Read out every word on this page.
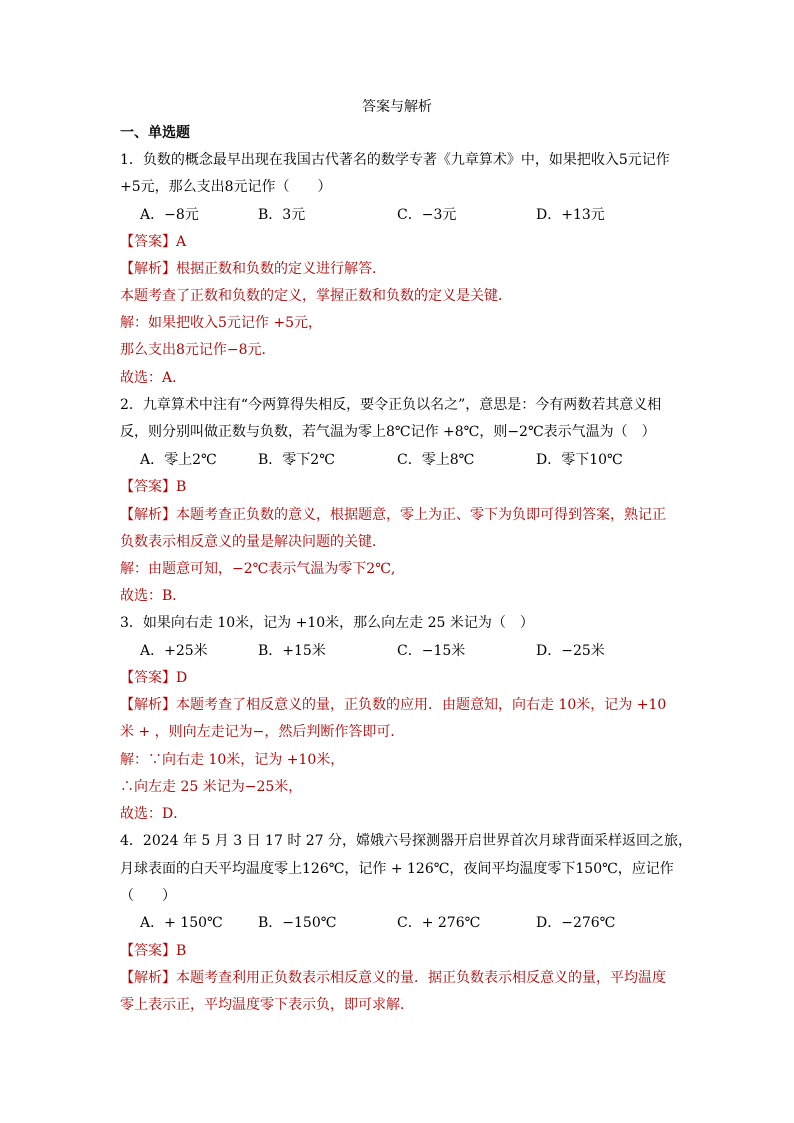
答案与解析
一、单选题
1．负数的概念最早出现在我国古代著名的数学专著《九章算术》中，如果把收入5元记作
+5元，那么支出8元记作（　　）
A．−8元	B．3元	C．−3元	D．+13元
【答案】A
【解析】根据正数和负数的定义进行解答．
本题考查了正数和负数的定义，掌握正数和负数的定义是关键．
解：如果把收入5元记作 +5元，
那么支出8元记作−8元．
故选：A．
2．九章算术中注有“今两算得失相反，要令正负以名之”，意思是：今有两数若其意义相
反，则分别叫做正数与负数，若气温为零上8℃记作 +8℃，则−2℃表示气温为（　）
A．零上2℃	B．零下2℃	C．零上8℃	D．零下10℃
【答案】B
【解析】本题考查正负数的意义，根据题意，零上为正、零下为负即可得到答案，熟记正
负数表示相反意义的量是解决问题的关键．
解：由题意可知，−2℃表示气温为零下2℃,
故选：B．
3．如果向右走 10米，记为 +10米，那么向左走 25 米记为（　）
A．+25米	B．+15米	C．−15米	D．−25米
【答案】D
【解析】本题考查了相反意义的量，正负数的应用．由题意知，向右走 10米，记为 +10
米 + ，则向左走记为−，然后判断作答即可．
解：∵向右走 10米，记为 +10米，
∴向左走 25 米记为−25米，
故选：D．
4．2024 年 5 月 3 日 17 时 27 分，嫦娥六号探测器开启世界首次月球背面采样返回之旅，
月球表面的白天平均温度零上126℃，记作 + 126℃，夜间平均温度零下150℃，应记作
（　　）
A．+ 150℃	B．−150℃	C．+ 276℃	D．−276℃
【答案】B
【解析】本题考查利用正负数表示相反意义的量．据正负数表示相反意义的量，平均温度
零上表示正，平均温度零下表示负，即可求解．
